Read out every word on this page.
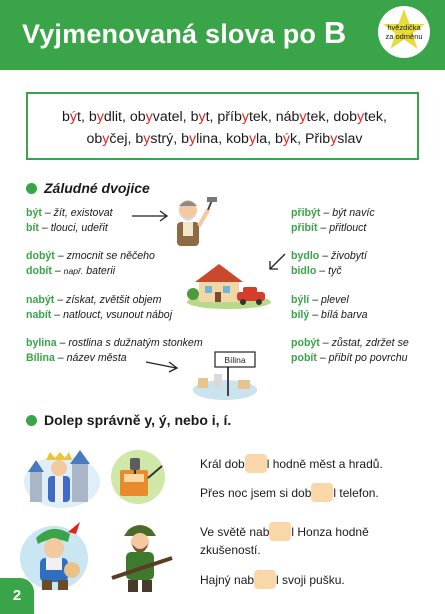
Vyjmenovaná slova po B	hvězdička
za odměnu
být, bydlit, obyvatel, byt, příbytek, nábytek, dobytek,
obyčej, bystrý, bylina, kobyla, býk, Přibyslav
Záludné dvojice
být – žít, existovat
bít – tlouci, udeřit
dobýt – zmocnit se něčeho
dobít – např. baterii
nabýt – získat, zvětšit objem
nabít – natlouct, vsunout náboj
bylina – rostlina s dužnatým stonkem
Bílina – název města
přibýt – být navíc
přibít – přitlouct
bydlo – živobytí
bidlo – tyč
býlí – plevel
bílý – bílá barva
pobýt – zůstat, zdržet se
pobít – přibít po povrchu
Bílina
Dolep správně y, ý, nebo i, í.
Král dob l hodně měst a hradů.
Přes noc jsem si dob l telefon.
Ve světě nab l Honza hodně
zkušeností.
Hajný nab l svoji pušku.
2
